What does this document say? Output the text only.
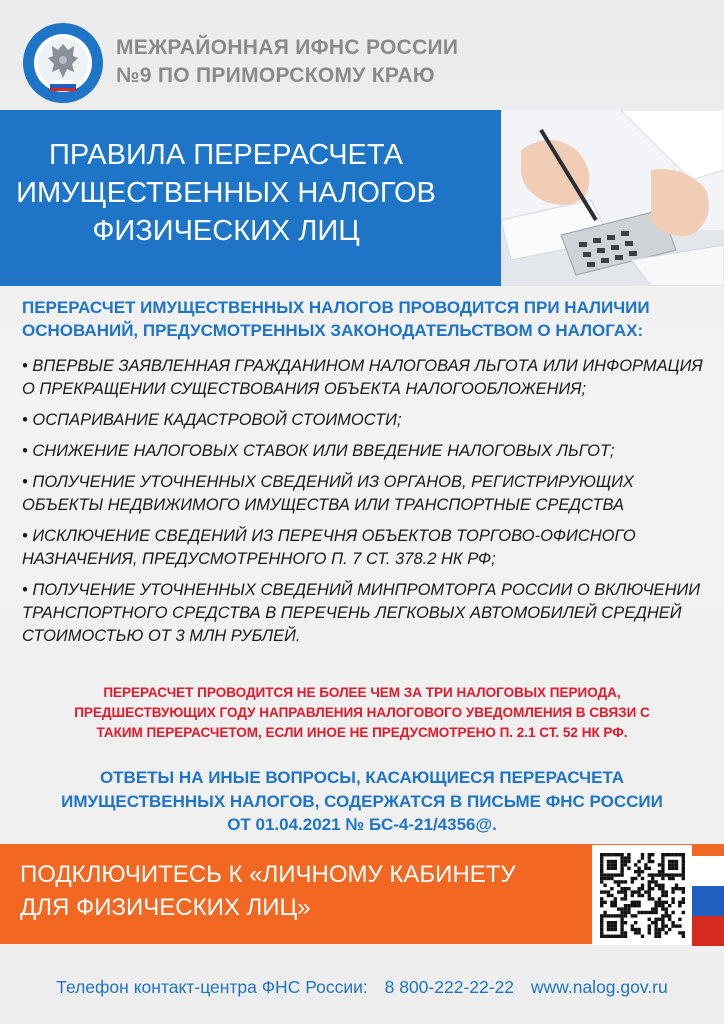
МЕЖРАЙОННАЯ ИФНС РОССИИ
№9 ПО ПРИМОРСКОМУ КРАЮ
ПРАВИЛА ПЕРЕРАСЧЕТА
ИМУЩЕСТВЕННЫХ НАЛОГОВ
ФИЗИЧЕСКИХ ЛИЦ
ПЕРЕРАСЧЕТ ИМУЩЕСТВЕННЫХ НАЛОГОВ ПРОВОДИТСЯ ПРИ НАЛИЧИИ
ОСНОВАНИЙ, ПРЕДУСМОТРЕННЫХ ЗАКОНОДАТЕЛЬСТВОМ О НАЛОГАХ:
• ВПЕРВЫЕ ЗАЯВЛЕННАЯ ГРАЖДАНИНОМ НАЛОГОВАЯ ЛЬГОТА ИЛИ ИНФОРМАЦИЯ О ПРЕКРАЩЕНИИ СУЩЕСТВОВАНИЯ ОБЪЕКТА НАЛОГООБЛОЖЕНИЯ;
• ОСПАРИВАНИЕ КАДАСТРОВОЙ СТОИМОСТИ;
• СНИЖЕНИЕ НАЛОГОВЫХ СТАВОК ИЛИ ВВЕДЕНИЕ НАЛОГОВЫХ ЛЬГОТ;
• ПОЛУЧЕНИЕ УТОЧНЕННЫХ СВЕДЕНИЙ ИЗ ОРГАНОВ, РЕГИСТРИРУЮЩИХ ОБЪЕКТЫ НЕДВИЖИМОГО ИМУЩЕСТВА ИЛИ ТРАНСПОРТНЫЕ СРЕДСТВА
• ИСКЛЮЧЕНИЕ СВЕДЕНИЙ ИЗ ПЕРЕЧНЯ ОБЪЕКТОВ ТОРГОВО-ОФИСНОГО НАЗНАЧЕНИЯ, ПРЕДУСМОТРЕННОГО П. 7 СТ. 378.2 НК РФ;
• ПОЛУЧЕНИЕ УТОЧНЕННЫХ СВЕДЕНИЙ МИНПРОМТОРГА РОССИИ О ВКЛЮЧЕНИИ ТРАНСПОРТНОГО СРЕДСТВА В ПЕРЕЧЕНЬ ЛЕГКОВЫХ АВТОМОБИЛЕЙ СРЕДНЕЙ СТОИМОСТЬЮ ОТ 3 МЛН РУБЛЕЙ.
ПЕРЕРАСЧЕТ ПРОВОДИТСЯ НЕ БОЛЕЕ ЧЕМ ЗА ТРИ НАЛОГОВЫХ ПЕРИОДА,
ПРЕДШЕСТВУЮЩИХ ГОДУ НАПРАВЛЕНИЯ НАЛОГОВОГО УВЕДОМЛЕНИЯ В СВЯЗИ С
ТАКИМ ПЕРЕРАСЧЕТОМ, ЕСЛИ ИНОЕ НЕ ПРЕДУСМОТРЕНО П. 2.1 СТ. 52 НК РФ.
ОТВЕТЫ НА ИНЫЕ ВОПРОСЫ, КАСАЮЩИЕСЯ ПЕРЕРАСЧЕТА
ИМУЩЕСТВЕННЫХ НАЛОГОВ, СОДЕРЖАТСЯ В ПИСЬМЕ ФНС РОССИИ
ОТ 01.04.2021 № БС-4-21/4356@.
ПОДКЛЮЧИТЕСЬ К «ЛИЧНОМУ КАБИНЕТУ
ДЛЯ ФИЗИЧЕСКИХ ЛИЦ»
Телефон контакт-центра ФНС России: 8 800-222-22-22 www.nalog.gov.ru
